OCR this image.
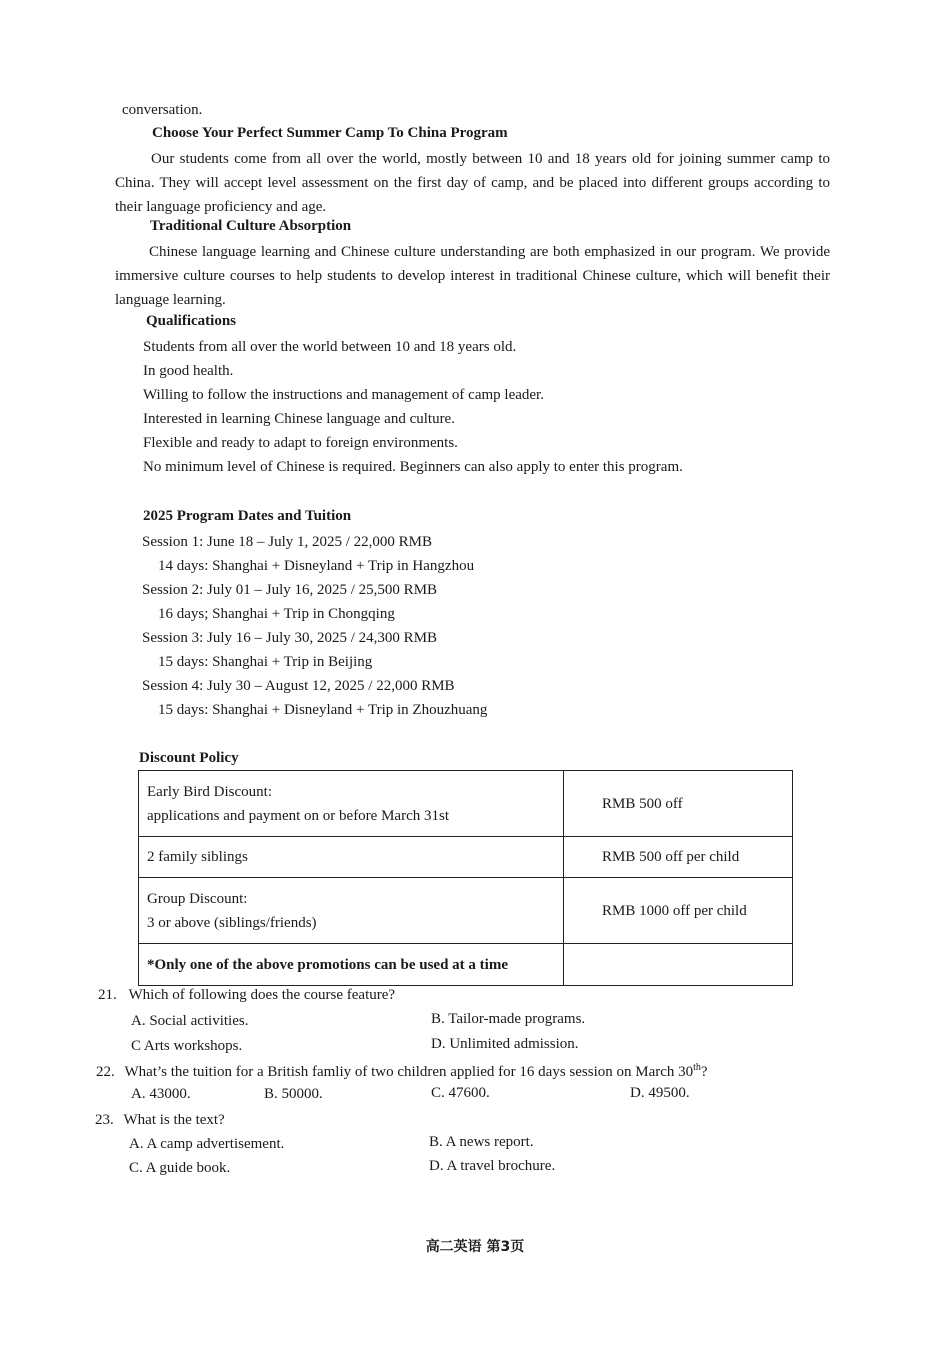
conversation.
Choose Your Perfect Summer Camp To China Program
Our students come from all over the world, mostly between 10 and 18 years old for joining summer camp to China. They will accept level assessment on the first day of camp, and be placed into different groups according to their language proficiency and age.
Traditional Culture Absorption
Chinese language learning and Chinese culture understanding are both emphasized in our program. We provide immersive culture courses to help students to develop interest in traditional Chinese culture, which will benefit their language learning.
Qualifications

Students from all over the world between 10 and 18 years old.

In good health.

Willing to follow the instructions and management of camp leader.

Interested in learning Chinese language and culture.

Flexible and ready to adapt to foreign environments.

No minimum level of Chinese is required. Beginners can also apply to enter this program.

2025 Program Dates and Tuition

Session 1: June 18 – July 1, 2025 / 22,000 RMB

14 days: Shanghai + Disneyland + Trip in Hangzhou

Session 2: July 01 – July 16, 2025 / 25,500 RMB

16 days; Shanghai + Trip in Chongqing

Session 3: July 16 – July 30, 2025 / 24,300 RMB

15 days: Shanghai + Trip in Beijing

Session 4: July 30 – August 12, 2025 / 22,000 RMB

15 days: Shanghai + Disneyland + Trip in Zhouzhuang

Discount Policy
Early Bird Discount:
applications and payment on or before March 31st	RMB 500 off

2 family siblings	RMB 500 off per child

Group Discount:
3 or above (siblings/friends)	RMB 1000 off per child
*Only one of the above promotions can be used at a time	
21. Which of following does the course feature?
A. Social activities.	B. Tailor-made programs.
C Arts workshops.	D. Unlimited admission.
22. What’s the tuition for a British famliy of two children applied for 16 days session on March 30th?
A. 43000.	B. 50000.	C. 47600.	D. 49500.
23. What is the text?
A. A camp advertisement.	B. A news report.
C. A guide book.	D. A travel brochure.
高二英语 第3页
